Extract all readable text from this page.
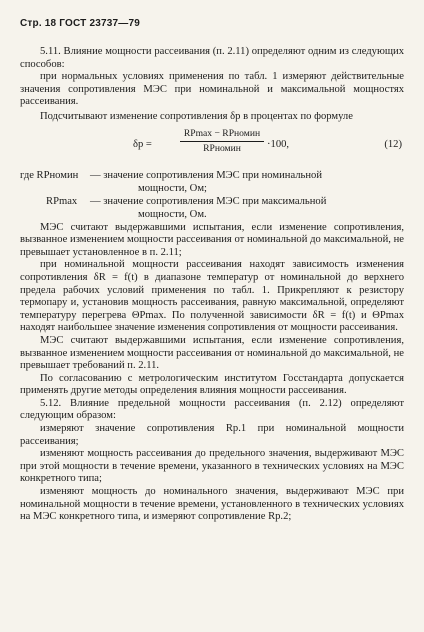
Стр. 18 ГОСТ 23737—79

5.11. Влияние мощности рассеивания (п. 2.11) определяют одним из следующих способов:

при нормальных условиях применения по табл. 1 измеряют действительные значения сопротивления МЭС при номинальной и максимальной мощностях рассеивания.

Подсчитывают изменение сопротивления δp в процентах по формуле

δp =
RPmax − RPномин
RPномин	·100,	(12)
где RPномин — значение сопротивления МЭС при номинальной
мощности, Ом;
RPmax — значение сопротивления МЭС при максимальной
мощности, Ом.

МЭС считают выдержавшими испытания, если изменение сопротивления, вызванное изменением мощности рассеивания от номинальной до максимальной, не превышает установленное в п. 2.11;

при номинальной мощности рассеивания находят зависимость изменения сопротивления δR = f(t) в диапазоне температур от номинальной до верхнего предела рабочих условий применения по табл. 1. Прикрепляют к резистору термопару и, установив мощность рассеивания, равную максимальной, определяют температуру перегрева ΘPmax. По полученной зависимости δR = f(t) и ΘPmax находят наибольшее значение изменения сопротивления от мощности рассеивания.

МЭС считают выдержавшими испытания, если изменение сопротивления, вызванное изменением мощности рассеивания от номинальной до максимальной, не превышает требований п. 2.11.

По согласованию с метрологическим институтом Госстандарта допускается применять другие методы определения влияния мощности рассеивания.

5.12. Влияние предельной мощности рассеивания (п. 2.12) определяют следующим образом:

измеряют значение сопротивления Rр.1 при номинальной мощности рассеивания;

изменяют мощность рассеивания до предельного значения, выдерживают МЭС при этой мощности в течение времени, указанного в технических условиях на МЭС конкретного типа;

изменяют мощность до номинального значения, выдерживают МЭС при номинальной мощности в течение времени, установленного в технических условиях на МЭС конкретного типа, и измеряют сопротивление Rр.2;
